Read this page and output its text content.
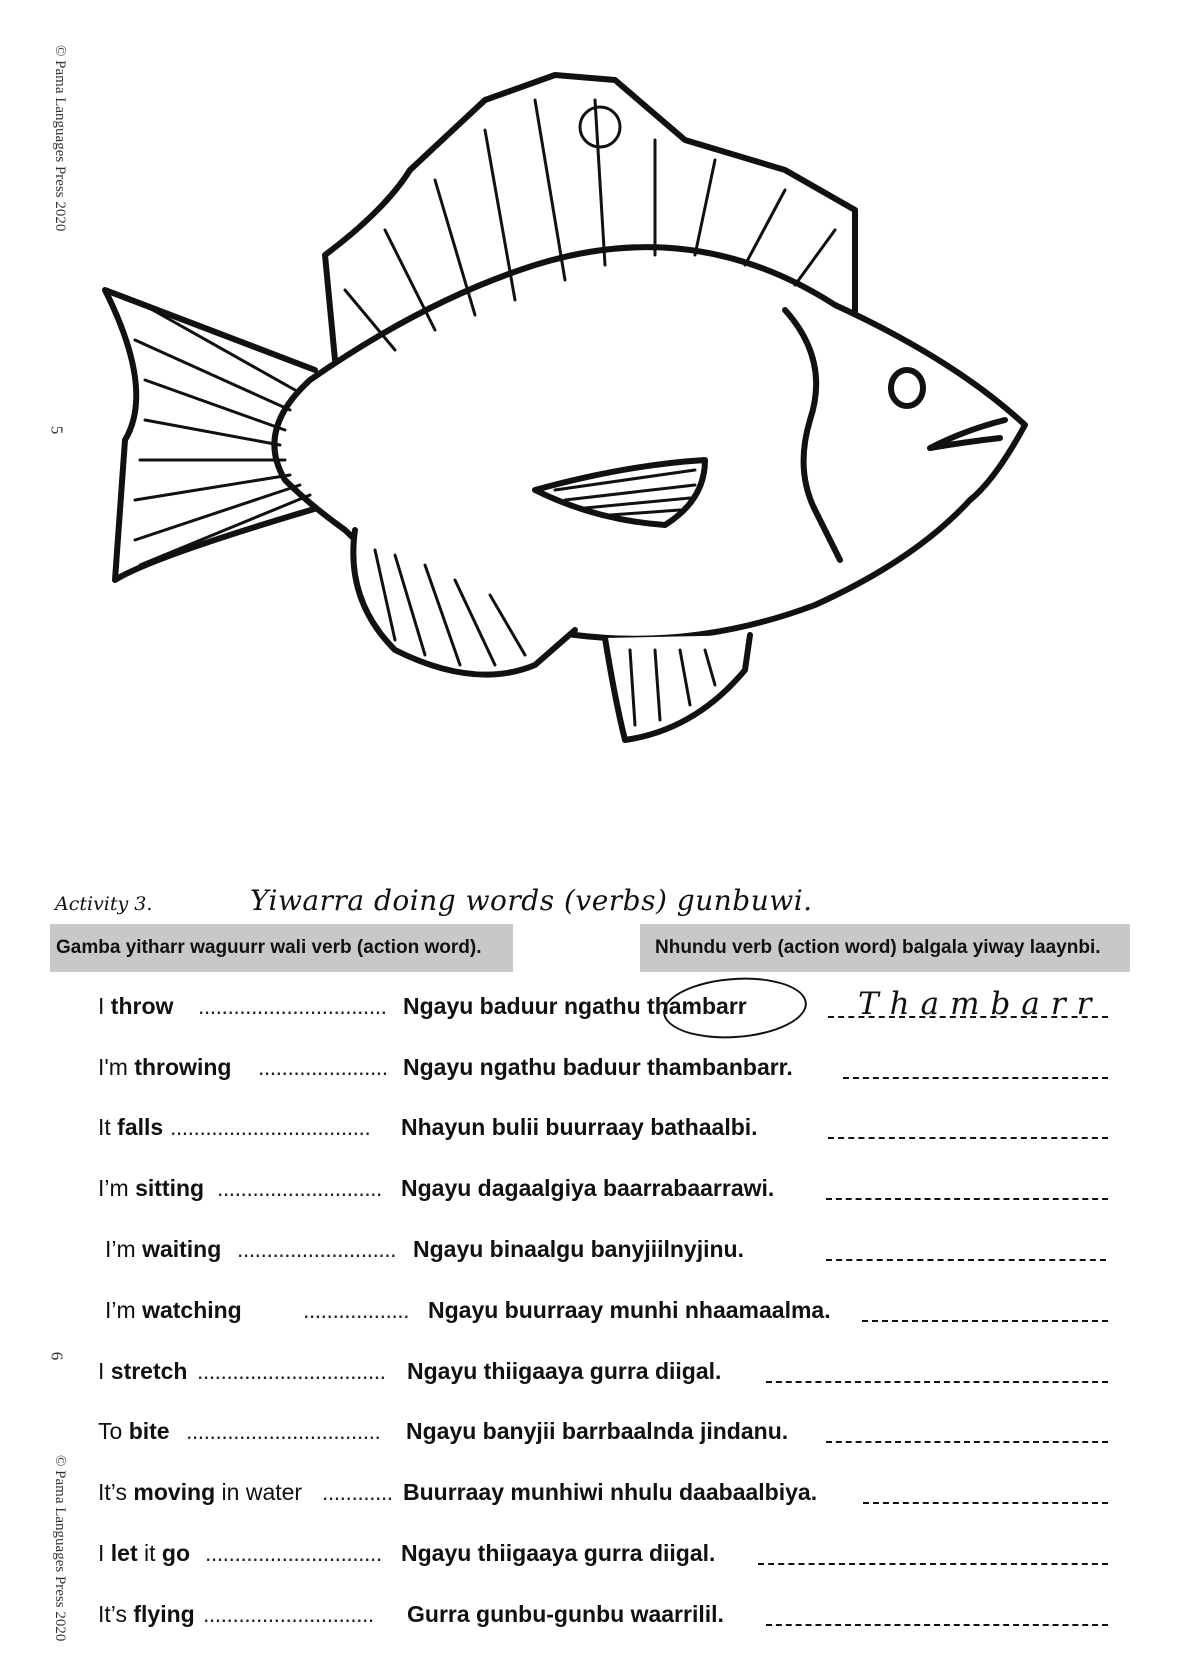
© Pama Languages Press 2020
5
6
© Pama Languages Press 2020
Activity 3.	Yiwarra doing words (verbs) gunbuwi.
Gamba yitharr waguurr wali verb (action word).	Nhundu verb (action word) balgala yiway laaynbi.
I throw ................................ Ngayu baduur ngathu thambarr	Thambarr
I'm throwing ...................... Ngayu ngathu baduur thambanbarr.
It falls ..................................	Nhayun bulii buurraay bathaalbi.
I’m sitting ............................ Ngayu dagaalgiya baarrabaarrawi.
I’m waiting ........................... Ngayu binaalgu banyjiilnyjinu.
I’m watching	.................. Ngayu buurraay munhi nhaamaalma.
I stretch ................................ Ngayu thiigaaya gurra diigal.
To bite .................................	Ngayu banyjii barrbaalnda jindanu.
It’s moving in water ............ Buurraay munhiwi nhulu daabaalbiya.
I let it go .............................. Ngayu thiigaaya gurra diigal.
It’s flying .............................	Gurra gunbu-gunbu waarrilil.
